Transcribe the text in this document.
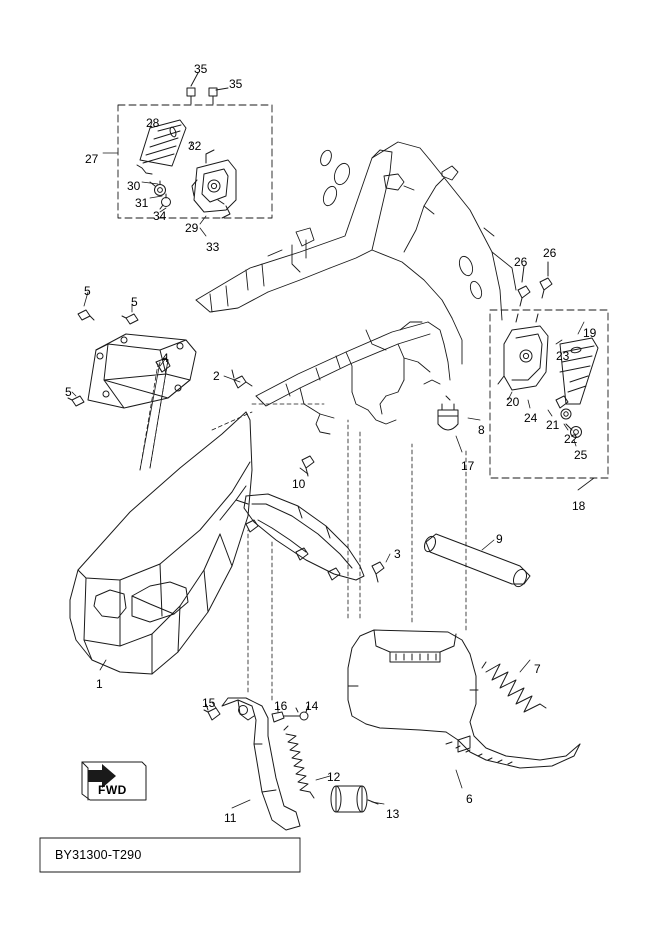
BY31300-T290
FWD
35
35
28
32
27
30
31
34
29
33	26
26
5
5
19
23
4
5
2
20
24 21
22
25
8
17
10
18
9
3
7
1
15	16 14
6
12
13
11
